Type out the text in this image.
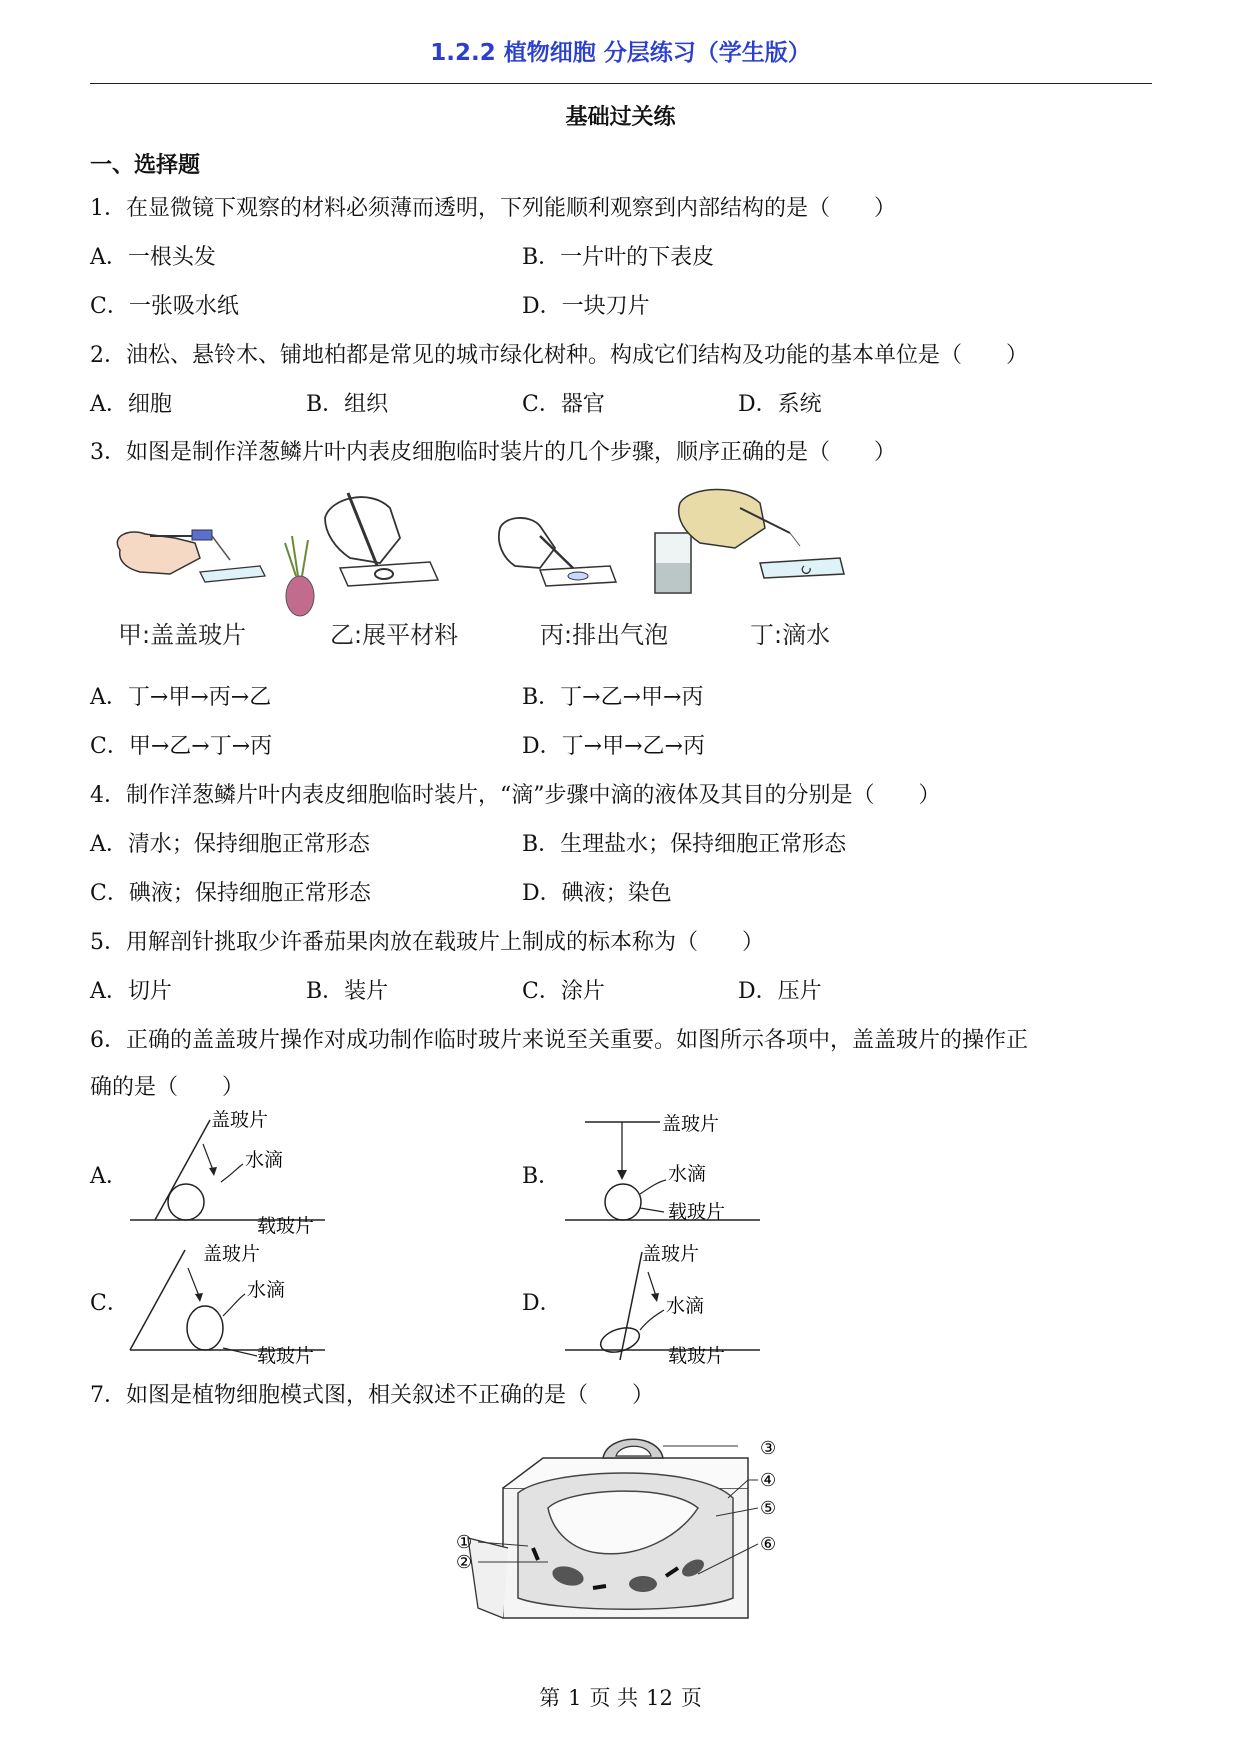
1.2.2 植物细胞 分层练习（学生版）
基础过关练
一、选择题
1．在显微镜下观察的材料必须薄而透明，下列能顺利观察到内部结构的是（　　）
A．一根头发	B．一片叶的下表皮
C．一张吸水纸	D．一块刀片
2．油松、悬铃木、铺地柏都是常见的城市绿化树种。构成它们结构及功能的基本单位是（　　）
A．细胞	B．组织	C．器官	D．系统
3．如图是制作洋葱鳞片叶内表皮细胞临时装片的几个步骤，顺序正确的是（　　）
甲:盖盖玻片	乙:展平材料	丙:排出气泡	丁:滴水
A．丁→甲→丙→乙	B．丁→乙→甲→丙
C．甲→乙→丁→丙	D．丁→甲→乙→丙
4．制作洋葱鳞片叶内表皮细胞临时装片，“滴”步骤中滴的液体及其目的分别是（　　）
A．清水；保持细胞正常形态	B．生理盐水；保持细胞正常形态
C．碘液；保持细胞正常形态	D．碘液；染色
5．用解剖针挑取少许番茄果肉放在载玻片上制成的标本称为（　　）
A．切片	B．装片	C．涂片	D．压片
6．正确的盖盖玻片操作对成功制作临时玻片来说至关重要。如图所示各项中，盖盖玻片的操作正
确的是（　　）
A．	B．
C．	D．
盖玻片
水滴
载玻片
盖玻片
水滴
载玻片
盖玻片
水滴
载玻片
盖玻片
水滴
载玻片
7．如图是植物细胞模式图，相关叙述不正确的是（　　）
③
④
⑤
⑥
①
②
第 1 页 共 12 页
